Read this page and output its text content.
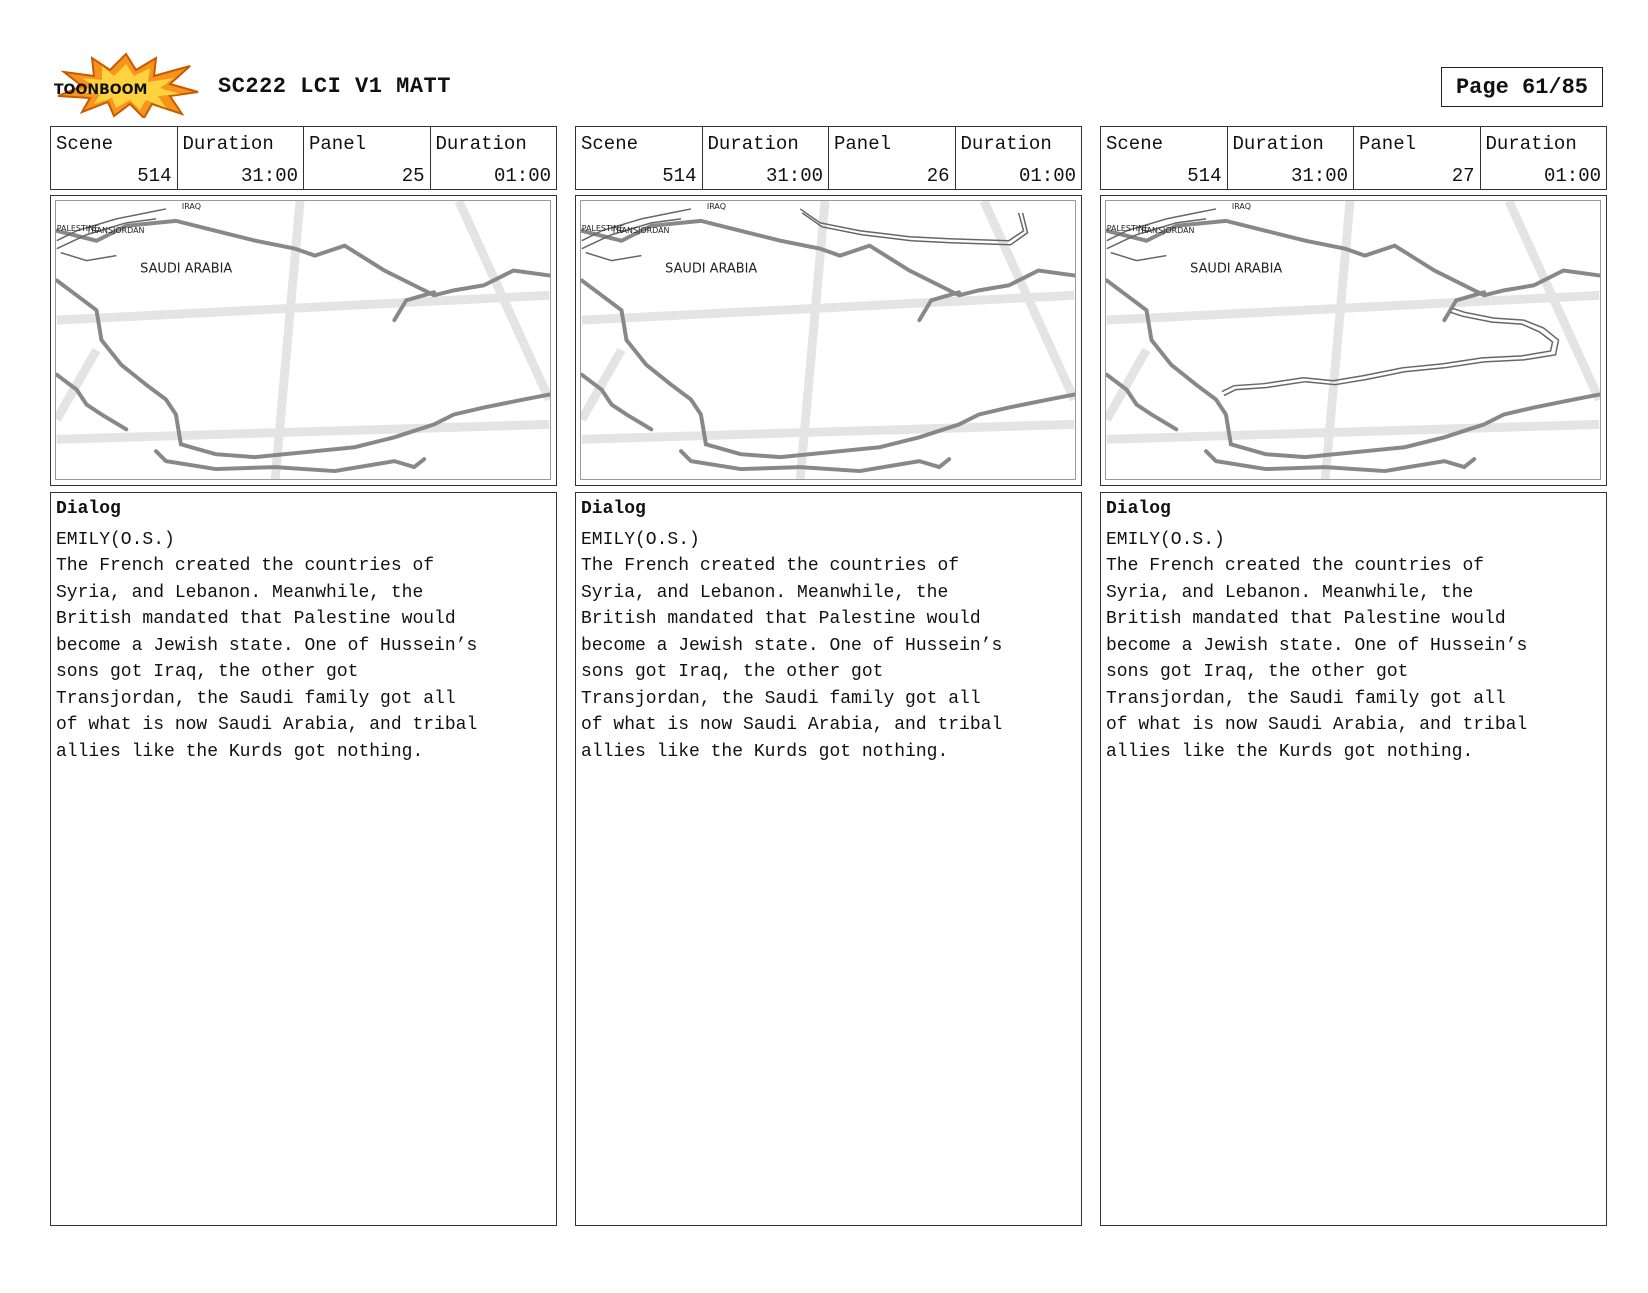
TOONBOOM	SC222 LCI V1 MATT	Page 61/85
Scene
514
Duration
31:00
Panel
25
Duration
01:00
SAUDI ARABIA
IRAQ
PALESTINE
TRANSJORDAN
Dialog
EMILY(O.S.)
The French created the countries of
Syria, and Lebanon. Meanwhile, the
British mandated that Palestine would
become a Jewish state. One of Hussein’s
sons got Iraq, the other got
Transjordan, the Saudi family got all
of what is now Saudi Arabia, and tribal
allies like the Kurds got nothing.
Scene
514
Duration
31:00
Panel
26
Duration
01:00
SAUDI ARABIA
IRAQ
PALESTINE
TRANSJORDAN
Dialog
EMILY(O.S.)
The French created the countries of
Syria, and Lebanon. Meanwhile, the
British mandated that Palestine would
become a Jewish state. One of Hussein’s
sons got Iraq, the other got
Transjordan, the Saudi family got all
of what is now Saudi Arabia, and tribal
allies like the Kurds got nothing.
Scene
514
Duration
31:00
Panel
27
Duration
01:00
SAUDI ARABIA
IRAQ
PALESTINE
TRANSJORDAN
Dialog
EMILY(O.S.)
The French created the countries of
Syria, and Lebanon. Meanwhile, the
British mandated that Palestine would
become a Jewish state. One of Hussein’s
sons got Iraq, the other got
Transjordan, the Saudi family got all
of what is now Saudi Arabia, and tribal
allies like the Kurds got nothing.
